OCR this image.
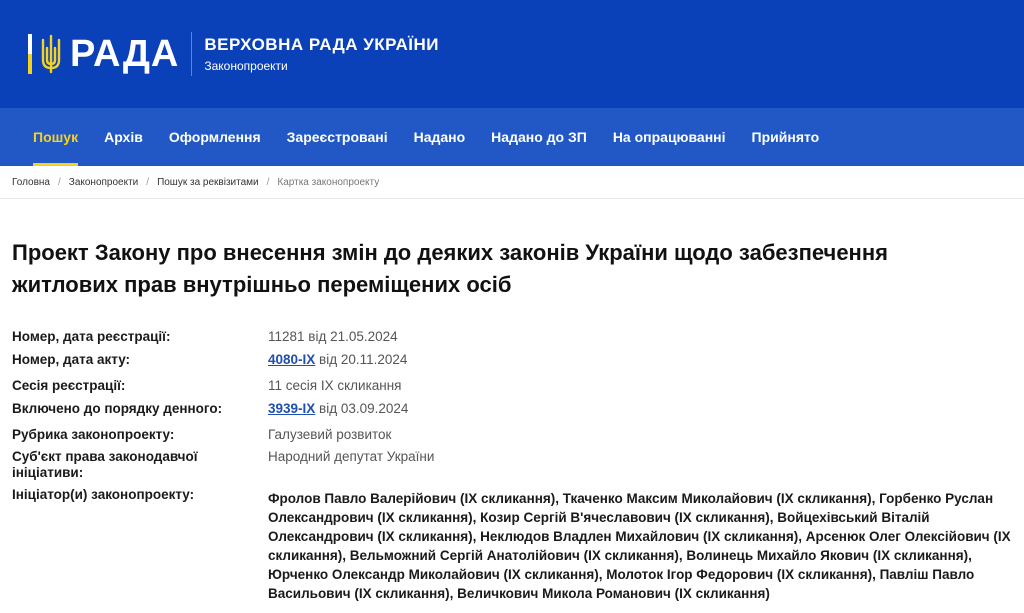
РАДА ВЕРХОВНА РАДА УКРАЇНИ
Законопроекти
Пошук	Архів	Оформлення	Зареєстровані	Надано	Надано до ЗП	На опрацюванні	Прийнято
Головна / Законопроекти / Пошук за реквізитами / Картка законопроекту
Проект Закону про внесення змін до деяких законів України щодо забезпечення житлових прав внутрішньо переміщених осіб
Номер, дата реєстрації:	11281 від 21.05.2024
Номер, дата акту:	4080-IX від 20.11.2024
Сесія реєстрації:	11 сесія IX скликання
Включено до порядку денного:	3939-IX від 03.09.2024
Рубрика законопроекту:	Галузевий розвиток
Суб'єкт права законодавчої ініціативи:
Народний депутат України
Ініціатор(и) законопроекту:	Фролов Павло Валерійович (IX скликання), Ткаченко Максим Миколайович (IX скликання), Горбенко Руслан Олександрович (IX скликання), Козир Сергій В'ячеславович (IX скликання), Войцехівський Віталій Олександрович (IX скликання), Неклюдов Владлен Михайлович (IX скликання), Арсенюк Олег Олексійович (IX скликання), Вельможний Сергій Анатолійович (IX скликання), Волинець Михайло Якович (IX скликання), Юрченко Олександр Миколайович (IX скликання), Молоток Ігор Федорович (IX скликання), Павліш Павло Васильович (IX скликання), Величкович Микола Романович (IX скликання)
